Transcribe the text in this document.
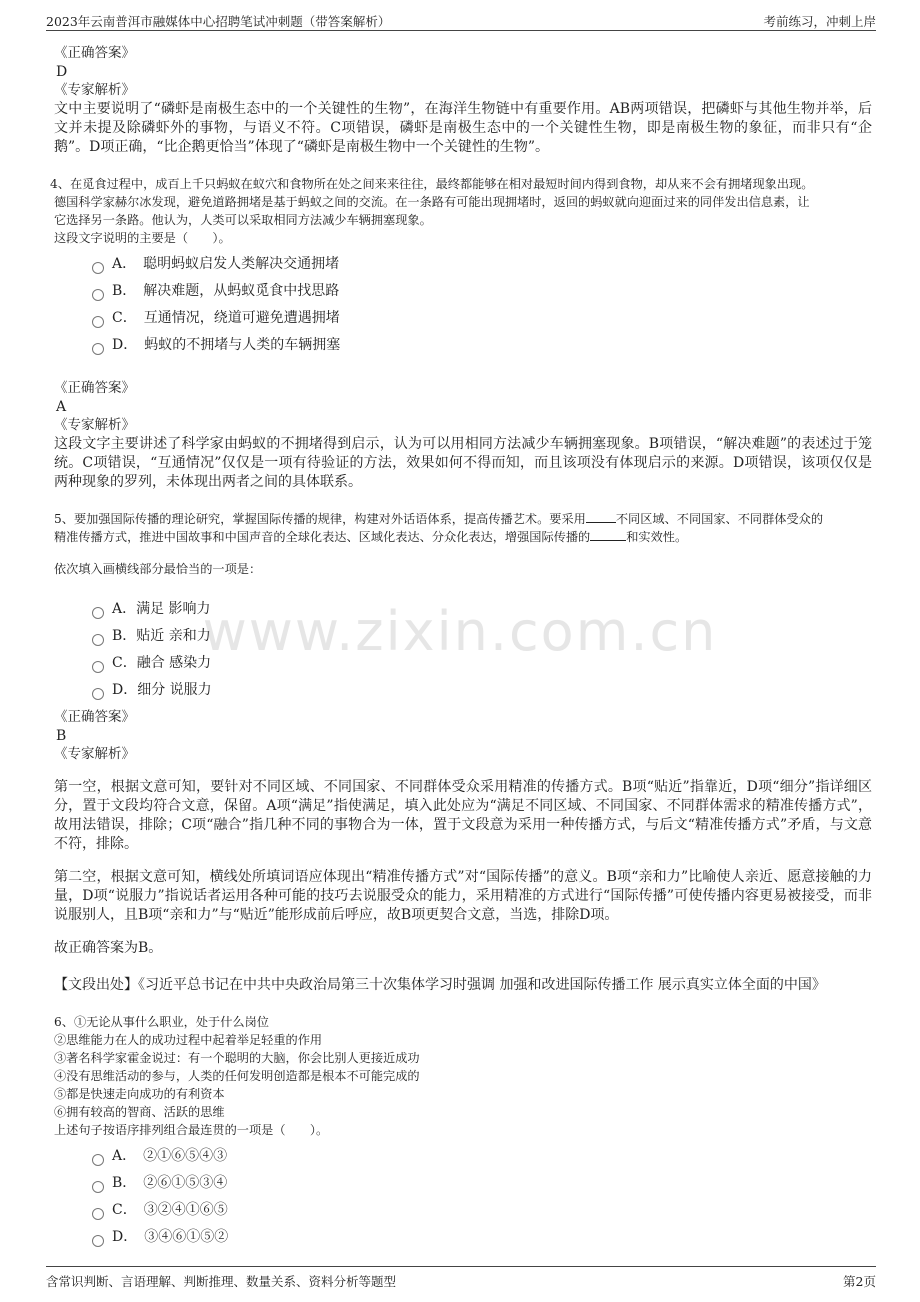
2023年云南普洱市融媒体中心招聘笔试冲刺题（带答案解析）	考前练习，冲刺上岸
www.zixin.com.cn
《正确答案》
D
《专家解析》

文中主要说明了“磷虾是南极生态中的一个关键性的生物”，在海洋生物链中有重要作用。AB两项错误，把磷虾与其他生物并举，后文并未提及除磷虾外的事物，与语义不符。C项错误，磷虾是南极生态中的一个关键性生物，即是南极生物的象征，而非只有“企鹅”。D项正确，“比企鹅更恰当”体现了“磷虾是南极生物中一个关键性的生物”。

4、在觅食过程中，成百上千只蚂蚁在蚁穴和食物所在处之间来来往往，最终都能够在相对最短时间内得到食物，却从来不会有拥堵现象出现。

德国科学家赫尔冰发现，避免道路拥堵是基于蚂蚁之间的交流。在一条路有可能出现拥堵时，返回的蚂蚁就向迎面过来的同伴发出信息素，让

它选择另一条路。他认为，人类可以采取相同方法减少车辆拥塞现象。

这段文字说明的主要是（　　）。

A．　聪明蚂蚁启发人类解决交通拥堵
B．　解决难题，从蚂蚁觅食中找思路
C．　互通情况，绕道可避免遭遇拥堵
D．　蚂蚁的不拥堵与人类的车辆拥塞
《正确答案》
A
《专家解析》

这段文字主要讲述了科学家由蚂蚁的不拥堵得到启示，认为可以用相同方法减少车辆拥塞现象。B项错误，“解决难题”的表述过于笼统。C项错误，“互通情况”仅仅是一项有待验证的方法，效果如何不得而知，而且该项没有体现启示的来源。D项错误，该项仅仅是两种现象的罗列，未体现出两者之间的具体联系。

5、要加强国际传播的理论研究，掌握国际传播的规律，构建对外话语体系，提高传播艺术。要采用 不同区域、不同国家、不同群体受众的

精准传播方式，推进中国故事和中国声音的全球化表达、区域化表达、分众化表达，增强国际传播的	和实效性。

依次填入画横线部分最恰当的一项是：

A．满足 影响力
B．贴近 亲和力
C．融合 感染力
D．细分 说服力
《正确答案》
B
《专家解析》

第一空，根据文意可知，要针对不同区域、不同国家、不同群体受众采用精准的传播方式。B项“贴近”指靠近，D项“细分”指详细区分，置于文段均符合文意，保留。A项“满足”指使满足，填入此处应为“满足不同区域、不同国家、不同群体需求的精准传播方式”，故用法错误，排除；C项“融合”指几种不同的事物合为一体，置于文段意为采用一种传播方式，与后文“精准传播方式”矛盾，与文意不符，排除。

第二空，根据文意可知，横线处所填词语应体现出“精准传播方式”对“国际传播”的意义。B项“亲和力”比喻使人亲近、愿意接触的力量，D项“说服力”指说话者运用各种可能的技巧去说服受众的能力，采用精准的方式进行“国际传播”可使传播内容更易被接受，而非说服别人，且B项“亲和力”与“贴近”能形成前后呼应，故B项更契合文意，当选，排除D项。

故正确答案为B。

【文段出处】《习近平总书记在中共中央政治局第三十次集体学习时强调 加强和改进国际传播工作 展示真实立体全面的中国》

6、①无论从事什么职业，处于什么岗位

②思维能力在人的成功过程中起着举足轻重的作用

③著名科学家霍金说过：有一个聪明的大脑，你会比别人更接近成功

④没有思维活动的参与，人类的任何发明创造都是根本不可能完成的

⑤都是快速走向成功的有利资本

⑥拥有较高的智商、活跃的思维

上述句子按语序排列组合最连贯的一项是（　　）。

A．　②①⑥⑤④③
B．　②⑥①⑤③④
C．　③②④①⑥⑤
D．　③④⑥①⑤②
含常识判断、言语理解、判断推理、数量关系、资料分析等题型	第2页
